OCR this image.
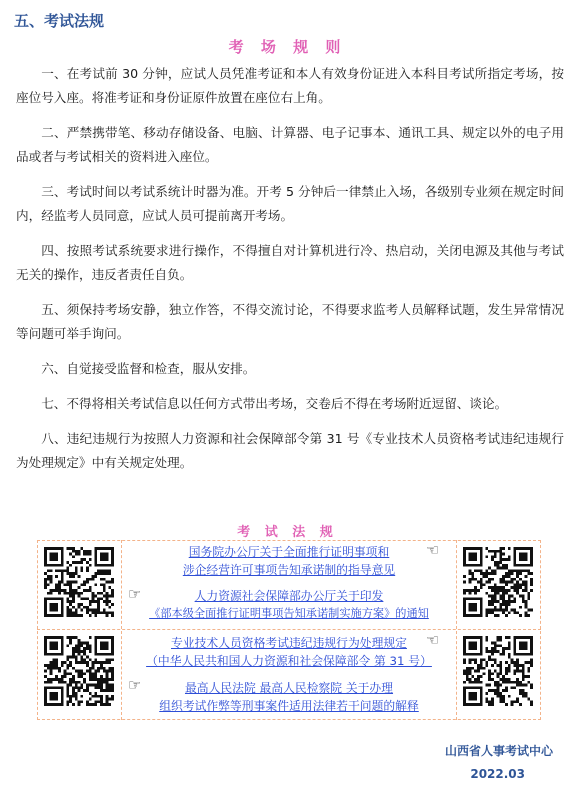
五、考试法规
考 场 规 则

一、在考试前 30 分钟，应试人员凭准考证和本人有效身份证进入本科目考试所指定考场，按座位号入座。将准考证和身份证原件放置在座位右上角。

二、严禁携带笔、移动存储设备、电脑、计算器、电子记事本、通讯工具、规定以外的电子用品或者与考试相关的资料进入座位。

三、考试时间以考试系统计时器为准。开考 5 分钟后一律禁止入场，各级别专业须在规定时间内，经监考人员同意，应试人员可提前离开考场。

四、按照考试系统要求进行操作，不得擅自对计算机进行冷、热启动，关闭电源及其他与考试无关的操作，违反者责任自负。

五、须保持考场安静，独立作答，不得交流讨论，不得要求监考人员解释试题，发生异常情况等问题可举手询问。

六、自觉接受监督和检查，服从安排。

七、不得将相关考试信息以任何方式带出考场，交卷后不得在考场附近逗留、谈论。

八、违纪违规行为按照人力资源和社会保障部令第 31 号《专业技术人员资格考试违纪违规行为处理规定》中有关规定处理。

考 试 法 规
国务院办公厅关于全面推行证明事项和
涉企经营许可事项告知承诺制的指导意见
人力资源社会保障部办公厅关于印发
《部本级全面推行证明事项告知承诺制实施方案》的通知
专业技术人员资格考试违纪违规行为处理规定
（中华人民共和国人力资源和社会保障部令 第 31 号）
最高人民法院 最高人民检察院 关于办理
组织考试作弊等刑事案件适用法律若干问题的解释
☜
☞
☜
☞
山西省人事考试中心
2022.03
